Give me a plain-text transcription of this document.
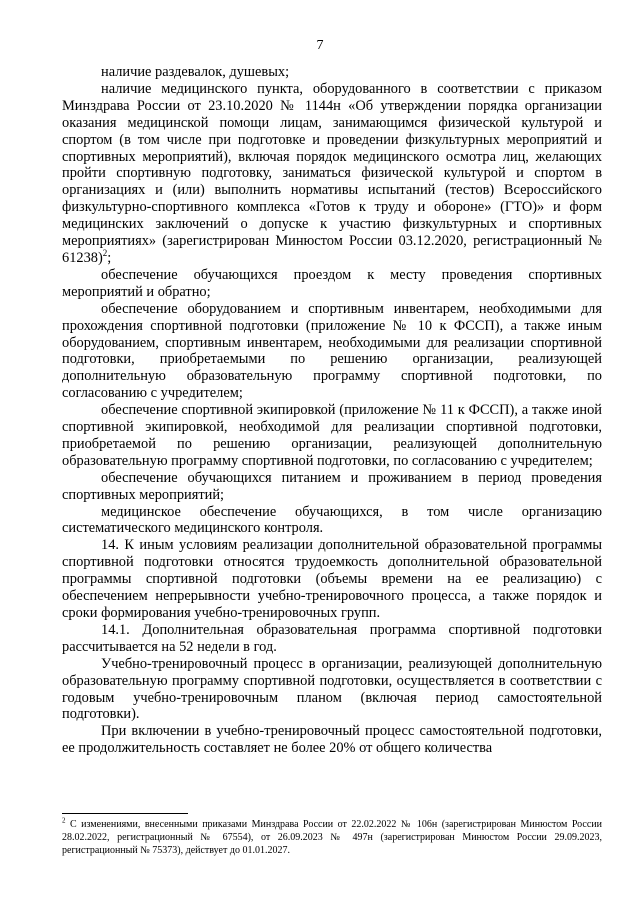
7

наличие раздевалок, душевых;

наличие медицинского пункта, оборудованного в соответствии с приказом Минздрава России от 23.10.2020 № 1144н «Об утверждении порядка организации оказания медицинской помощи лицам, занимающимся физической культурой и спортом (в том числе при подготовке и проведении физкультурных мероприятий и спортивных мероприятий), включая порядок медицинского осмотра лиц, желающих пройти спортивную подготовку, заниматься физической культурой и спортом в организациях и (или) выполнить нормативы испытаний (тестов) Всероссийского физкультурно-спортивного комплекса «Готов к труду и обороне» (ГТО)» и форм медицинских заключений о допуске к участию физкультурных и спортивных мероприятиях» (зарегистрирован Минюстом России 03.12.2020, регистрационный № 61238)$^2$;

обеспечение обучающихся проездом к месту проведения спортивных мероприятий и обратно;

обеспечение оборудованием и спортивным инвентарем, необходимыми для прохождения спортивной подготовки (приложение № 10 к ФССП), а также иным оборудованием, спортивным инвентарем, необходимыми для реализации спортивной подготовки, приобретаемыми по решению организации, реализующей дополнительную образовательную программу спортивной подготовки, по согласованию с учредителем;

обеспечение спортивной экипировкой (приложение № 11 к ФССП), а также иной спортивной экипировкой, необходимой для реализации спортивной подготовки, приобретаемой по решению организации, реализующей дополнительную образовательную программу спортивной подготовки, по согласованию с учредителем;

обеспечение обучающихся питанием и проживанием в период проведения спортивных мероприятий;

медицинское обеспечение обучающихся, в том числе организацию систематического медицинского контроля.

14. К иным условиям реализации дополнительной образовательной программы спортивной подготовки относятся трудоемкость дополнительной образовательной программы спортивной подготовки (объемы времени на ее реализацию) с обеспечением непрерывности учебно-тренировочного процесса, а также порядок и сроки формирования учебно-тренировочных групп.

14.1. Дополнительная образовательная программа спортивной подготовки рассчитывается на 52 недели в год.

Учебно-тренировочный процесс в организации, реализующей дополнительную образовательную программу спортивной подготовки, осуществляется в соответствии с годовым учебно-тренировочным планом (включая период самостоятельной подготовки).

При включении в учебно-тренировочный процесс самостоятельной подготовки, ее продолжительность составляет не более 20% от общего количества

$^2$ С изменениями, внесенными приказами Минздрава России от 22.02.2022 № 106н (зарегистрирован Минюстом России 28.02.2022, регистрационный № 67554), от 26.09.2023 № 497н (зарегистрирован Минюстом России 29.09.2023, регистрационный № 75373), действует до 01.01.2027.
